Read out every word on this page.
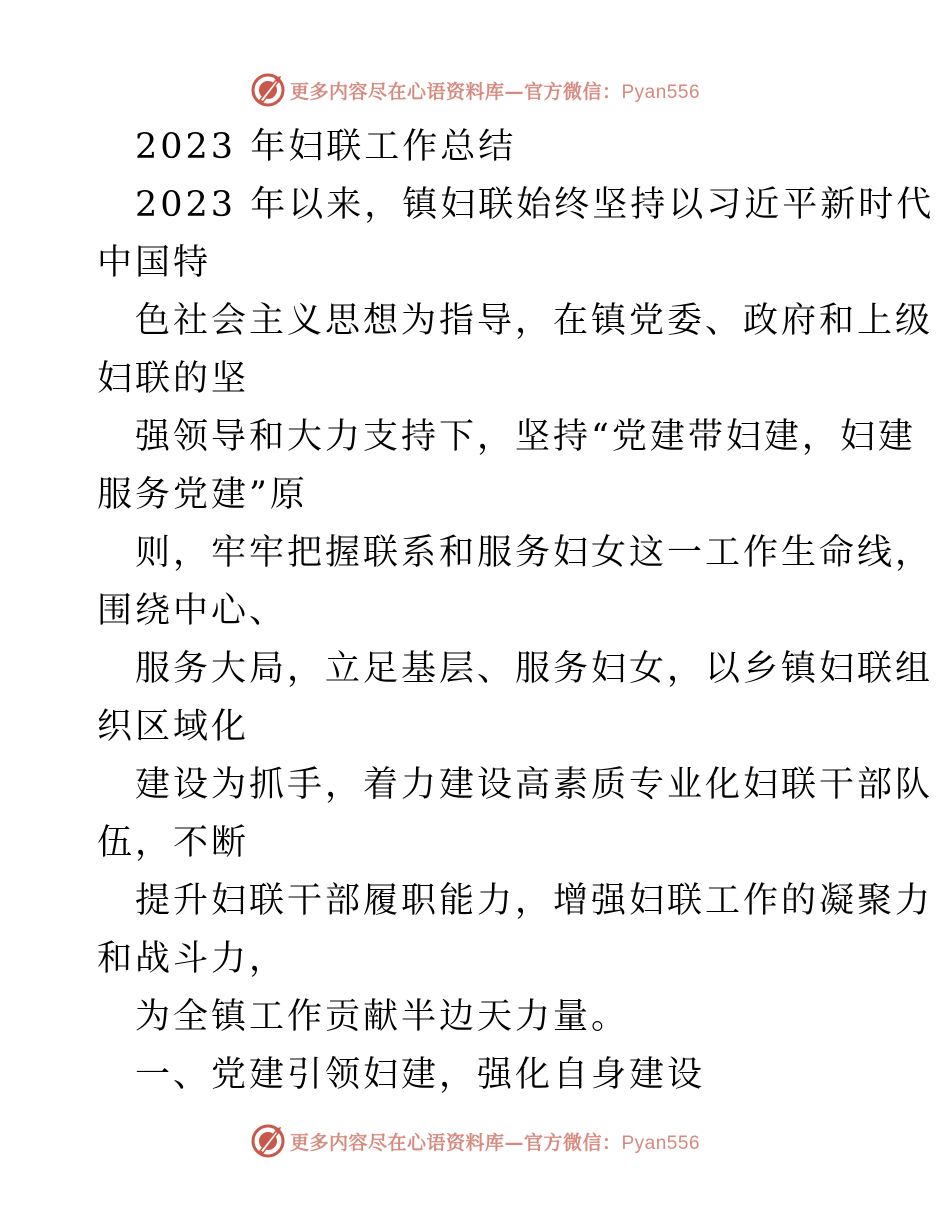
更多内容尽在心语资料库—官方微信：Pyan556
2023 年妇联工作总结
2023 年以来，镇妇联始终坚持以习近平新时代
中国特
色社会主义思想为指导，在镇党委、政府和上级
妇联的坚
强领导和大力支持下，坚持“党建带妇建，妇建
服务党建”原
则，牢牢把握联系和服务妇女这一工作生命线，
围绕中心、
服务大局，立足基层、服务妇女，以乡镇妇联组
织区域化
建设为抓手，着力建设高素质专业化妇联干部队
伍，不断
提升妇联干部履职能力，增强妇联工作的凝聚力
和战斗力，
为全镇工作贡献半边天力量。
一、党建引领妇建，强化自身建设
更多内容尽在心语资料库—官方微信：Pyan556
